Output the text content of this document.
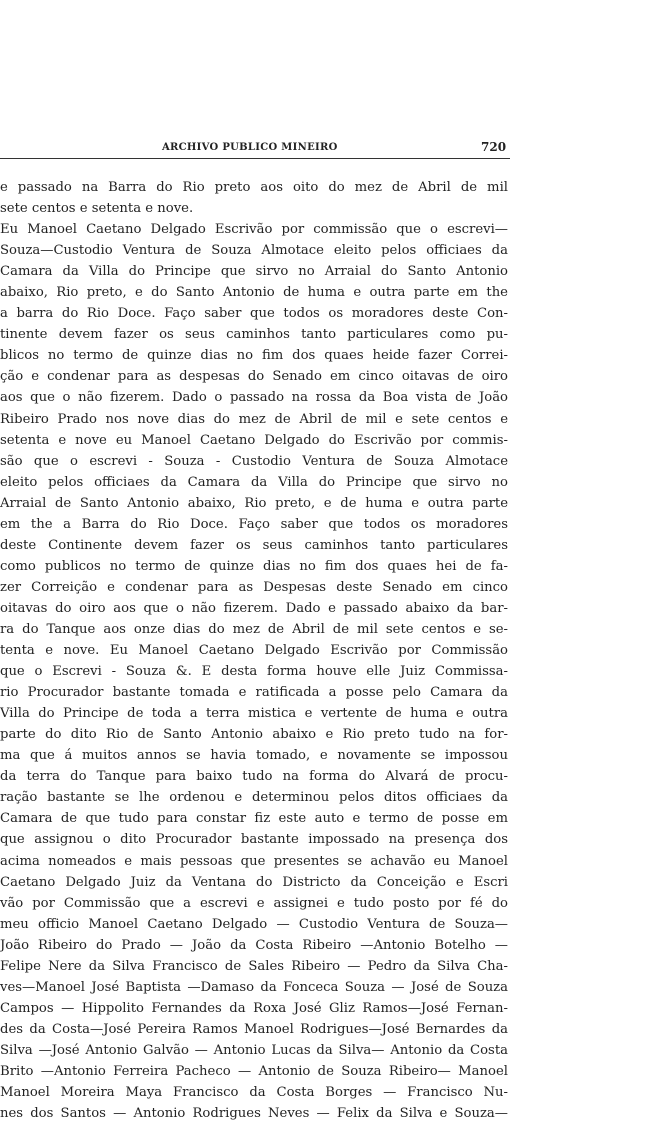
ARCHIVO PUBLICO MINEIRO	720
e passado na Barra do Rio preto aos oito do mez de Abril de mil
sete centos e setenta e nove.
Eu Manoel Caetano Delgado Escrivão por commissão que o escrevi—
Souza—Custodio Ventura de Souza Almotace eleito pelos officiaes da
Camara da Villa do Principe que sirvo no Arraial do Santo Antonio
abaixo, Rio preto, e do Santo Antonio de huma e outra parte em the
a barra do Rio Doce. Faço saber que todos os moradores deste Con-
tinente devem fazer os seus caminhos tanto particulares como pu-
blicos no termo de quinze dias no fim dos quaes heide fazer Correi-
ção e condenar para as despesas do Senado em cinco oitavas de oiro
aos que o não fizerem. Dado o passado na rossa da Boa vista de João
Ribeiro Prado nos nove dias do mez de Abril de mil e sete centos e
setenta e nove eu Manoel Caetano Delgado do Escrivão por commis-
são que o escrevi - Souza - Custodio Ventura de Souza Almotace
eleito pelos officiaes da Camara da Villa do Principe que sirvo no
Arraial de Santo Antonio abaixo, Rio preto, e de huma e outra parte
em the a Barra do Rio Doce. Faço saber que todos os moradores
deste Continente devem fazer os seus caminhos tanto particulares
como publicos no termo de quinze dias no fim dos quaes hei de fa-
zer Correição e condenar para as Despesas deste Senado em cinco
oitavas do oiro aos que o não fizerem. Dado e passado abaixo da bar-
ra do Tanque aos onze dias do mez de Abril de mil sete centos e se-
tenta e nove. Eu Manoel Caetano Delgado Escrivão por Commissão
que o Escrevi - Souza &. E desta forma houve elle Juiz Commissa-
rio Procurador bastante tomada e ratificada a posse pelo Camara da
Villa do Principe de toda a terra mistica e vertente de huma e outra
parte do dito Rio de Santo Antonio abaixo e Rio preto tudo na for-
ma que á muitos annos se havia tomado, e novamente se impossou
da terra do Tanque para baixo tudo na forma do Alvará de procu-
ração bastante se lhe ordenou e determinou pelos ditos officiaes da
Camara de que tudo para constar fiz este auto e termo de posse em
que assignou o dito Procurador bastante impossado na presença dos
acima nomeados e mais pessoas que presentes se achavão eu Manoel
Caetano Delgado Juiz da Ventana do Districto da Conceição e Escri
vão por Commissão que a escrevi e assignei e tudo posto por fé do
meu officio Manoel Caetano Delgado — Custodio Ventura de Souza—
João Ribeiro do Prado — João da Costa Ribeiro —Antonio Botelho —
Felipe Nere da Silva Francisco de Sales Ribeiro — Pedro da Silva Cha-
ves—Manoel José Baptista —Damaso da Fonceca Souza — José de Souza
Campos — Hippolito Fernandes da Roxa José Gliz Ramos—José Fernan-
des da Costa—José Pereira Ramos Manoel Rodrigues—José Bernardes da
Silva —José Antonio Galvão — Antonio Lucas da Silva— Antonio da Costa
Brito —Antonio Ferreira Pacheco — Antonio de Souza Ribeiro— Manoel
Manoel Moreira Maya Francisco da Costa Borges — Francisco Nu-
nes dos Santos — Antonio Rodrigues Neves — Felix da Silva e Souza—
